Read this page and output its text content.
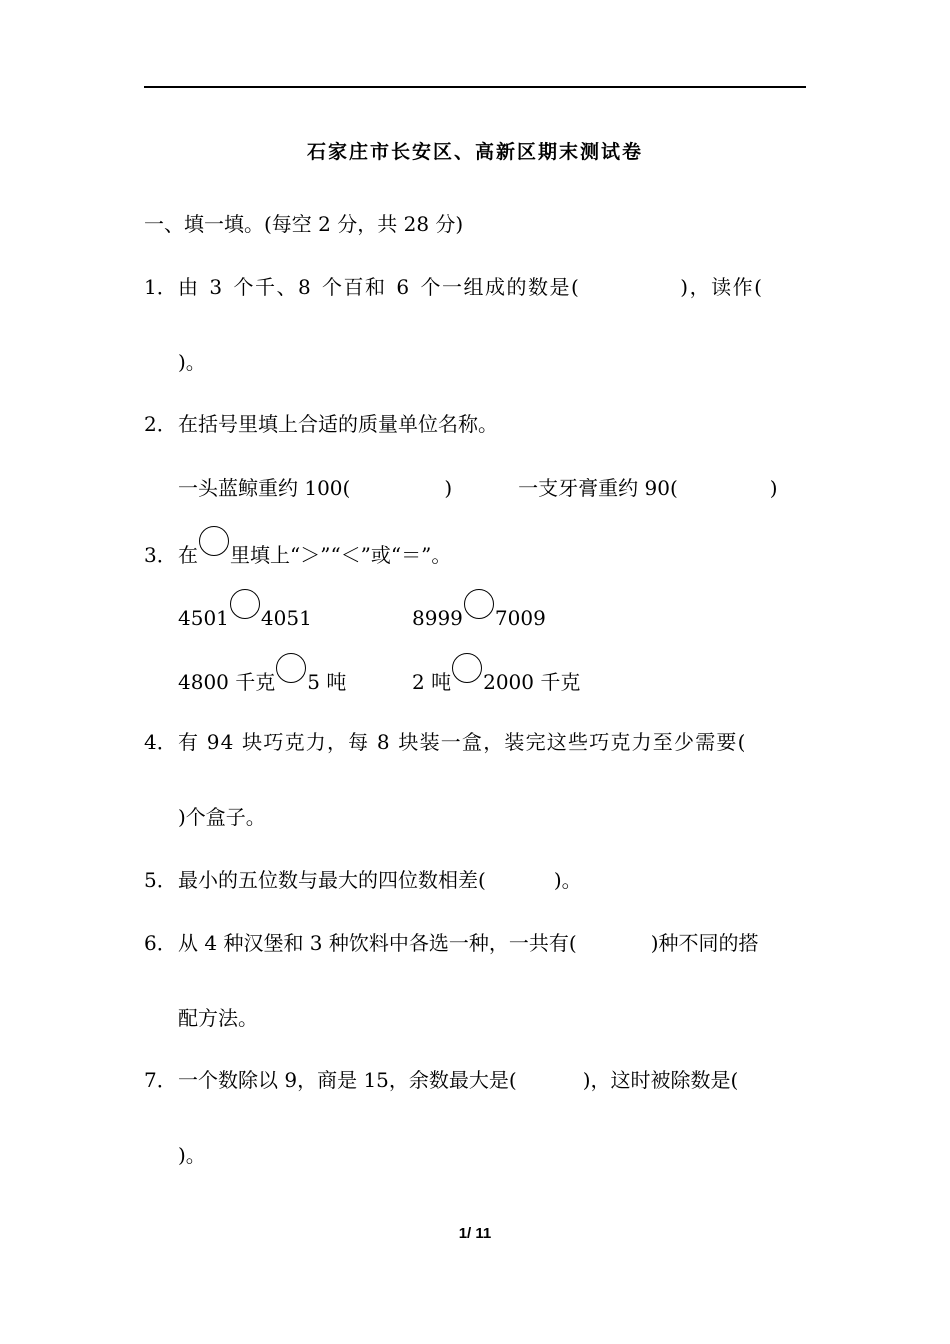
石家庄市长安区、高新区期末测试卷
一、填一填。(每空 2 分，共 28 分)
1．由 3 个千、8 个百和 6 个一组成的数是(	)，读作(
)。
2．在括号里填上合适的质量单位名称。
一头蓝鲸重约 100(	)	一支牙膏重约 90(	)
3．在 里填上“＞”“＜”或“＝”。
4501 4051	8999 7009
4800 千克 5 吨	2 吨 2000 千克
4．有 94 块巧克力，每 8 块装一盒，装完这些巧克力至少需要(
)个盒子。
5．最小的五位数与最大的四位数相差(	)。
6．从 4 种汉堡和 3 种饮料中各选一种，一共有(	)种不同的搭
配方法。
7．一个数除以 9，商是 15，余数最大是(	)，这时被除数是(
)。
1/ 11
